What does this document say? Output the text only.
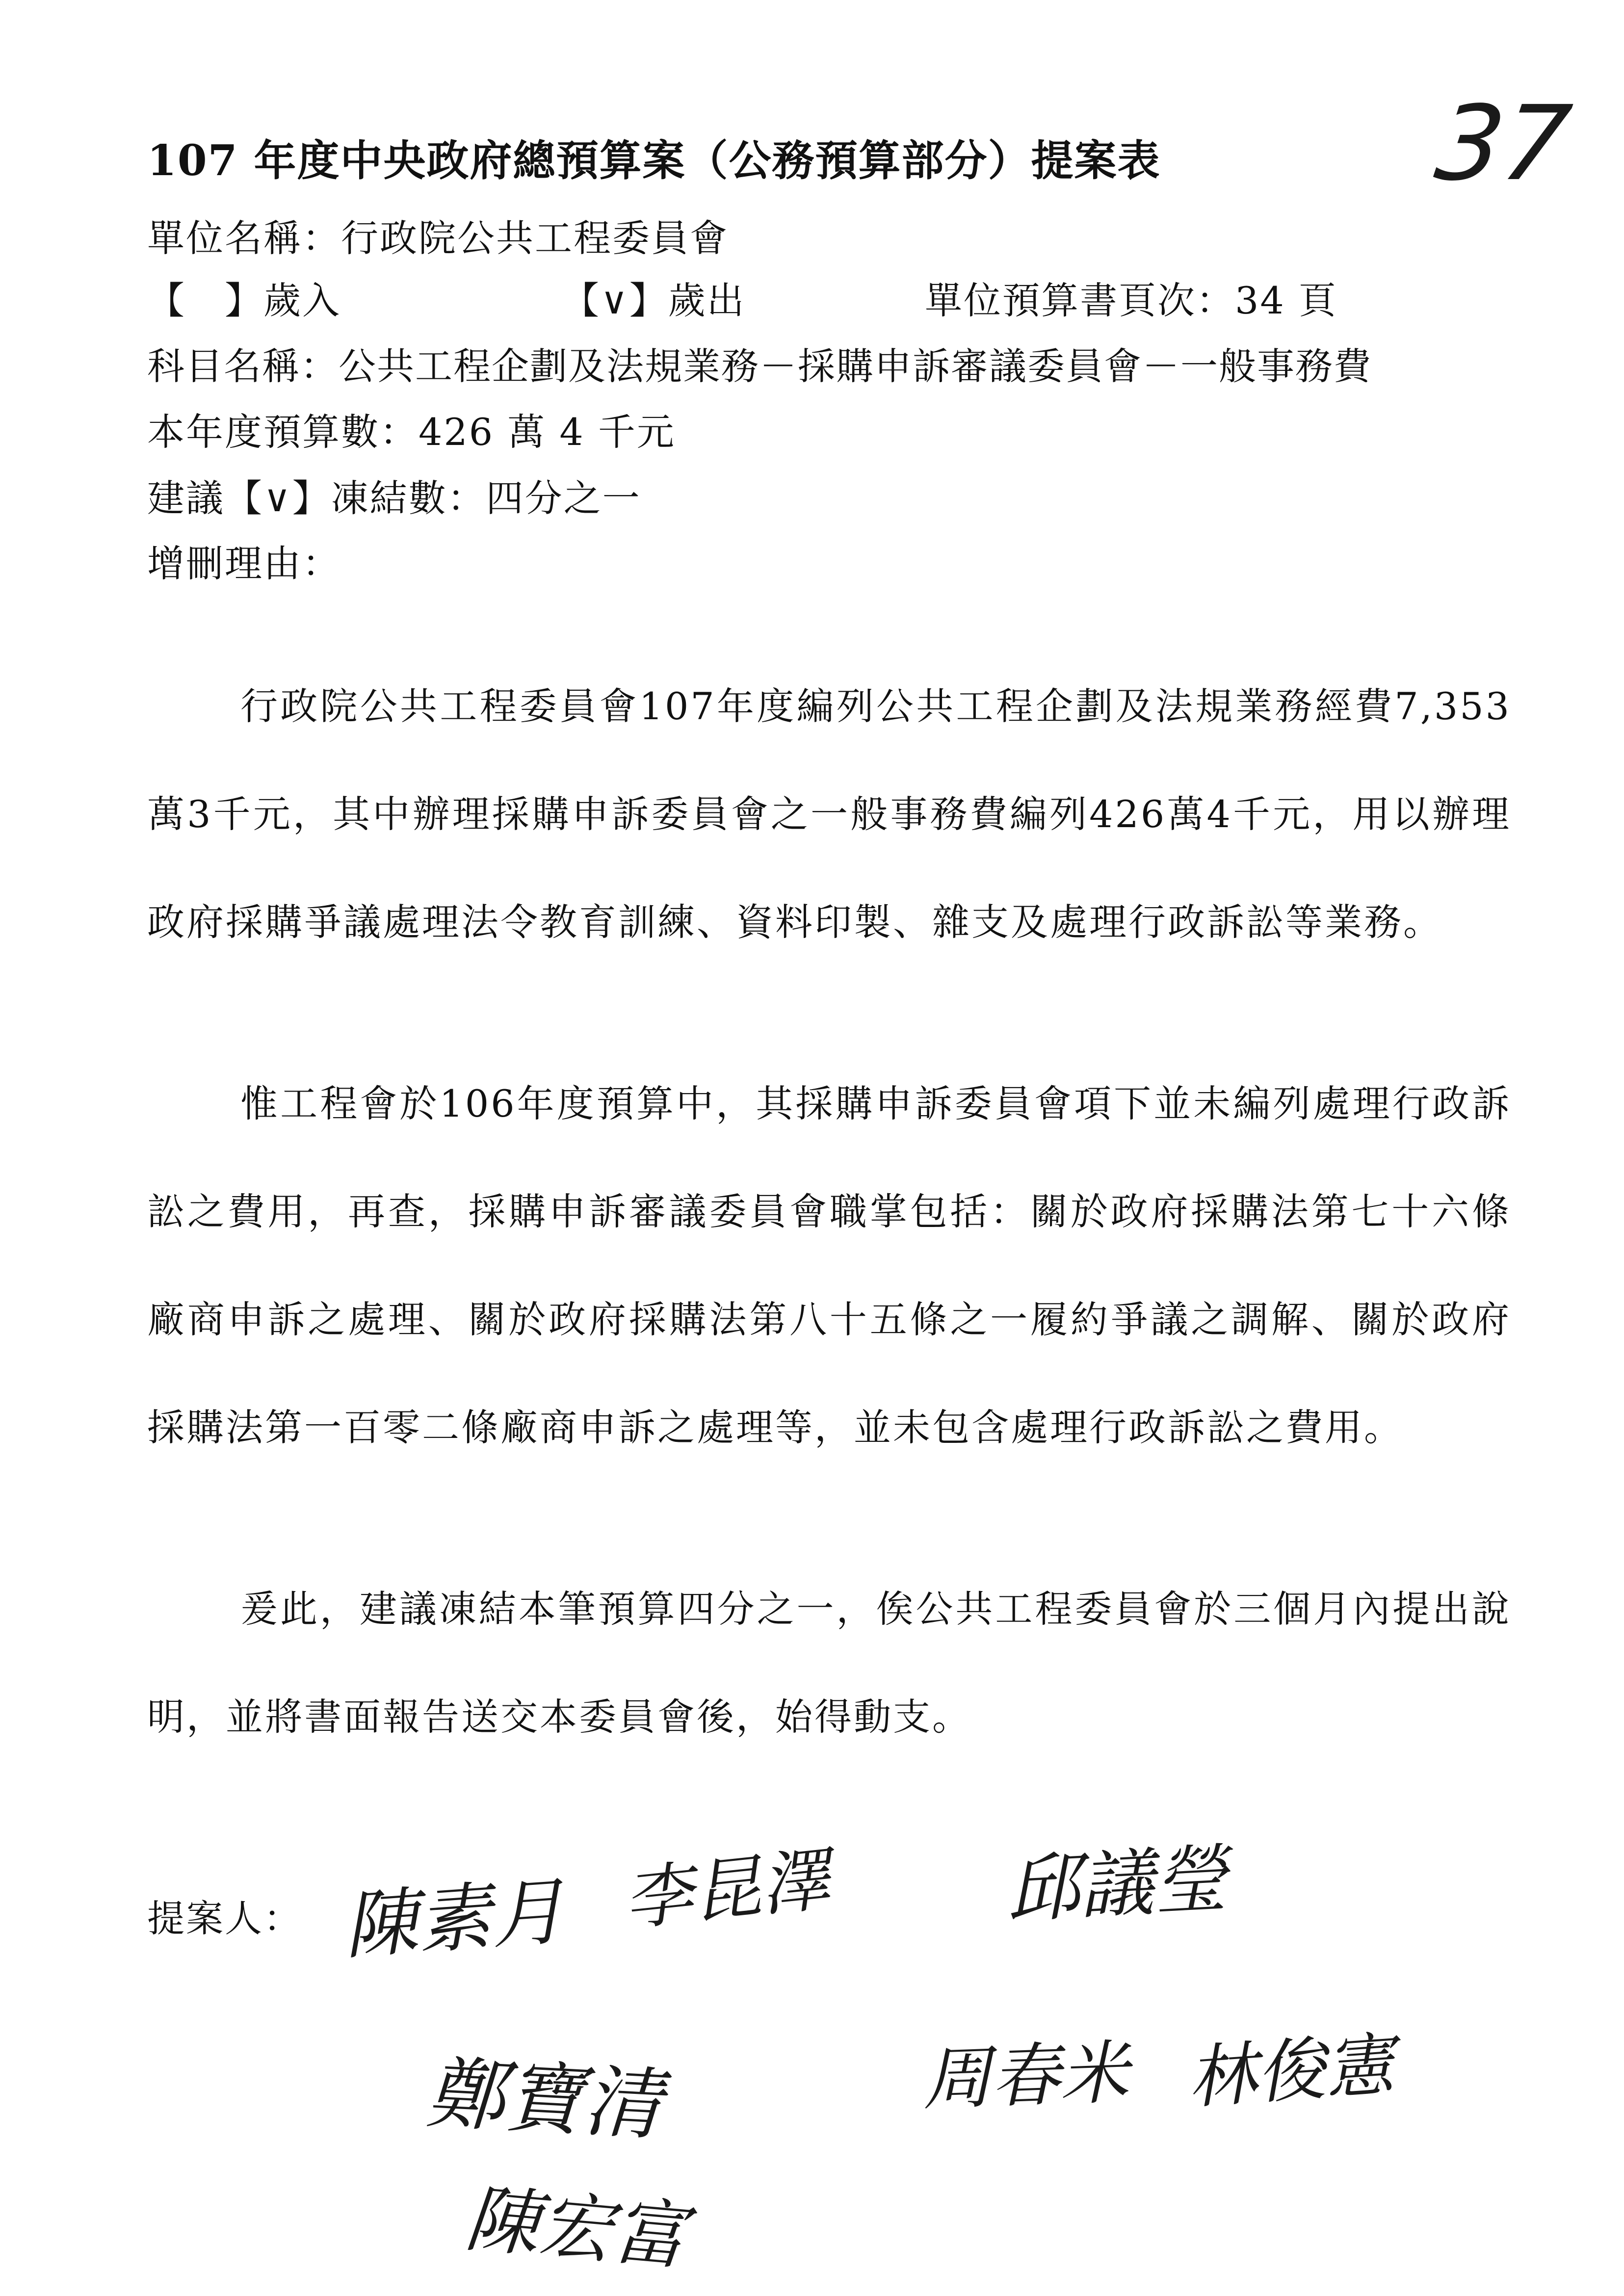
107 年度中央政府總預算案（公務預算部分）提案表	37
單位名稱：行政院公共工程委員會
【　】歲入	【∨】歲出	單位預算書頁次：34 頁
科目名稱：公共工程企劃及法規業務－採購申訴審議委員會－一般事務費
本年度預算數：426 萬 4 千元
建議【∨】凍結數：四分之一
增刪理由：
行政院公共工程委員會107年度編列公共工程企劃及法規業務經費7,353萬3千元，其中辦理採購申訴委員會之一般事務費編列426萬4千元，用以辦理政府採購爭議處理法令教育訓練、資料印製、雜支及處理行政訴訟等業務。
惟工程會於106年度預算中，其採購申訴委員會項下並未編列處理行政訴訟之費用，再查，採購申訴審議委員會職掌包括：關於政府採購法第七十六條廠商申訴之處理、關於政府採購法第八十五條之一履約爭議之調解、關於政府採購法第一百零二條廠商申訴之處理等，並未包含處理行政訴訟之費用。
爰此，建議凍結本筆預算四分之一，俟公共工程委員會於三個月內提出說明，並將書面報告送交本委員會後，始得動支。
提案人： 陳素月 李昆澤 邱議瑩
鄭寶清	周春米 林俊憲
陳宏富
